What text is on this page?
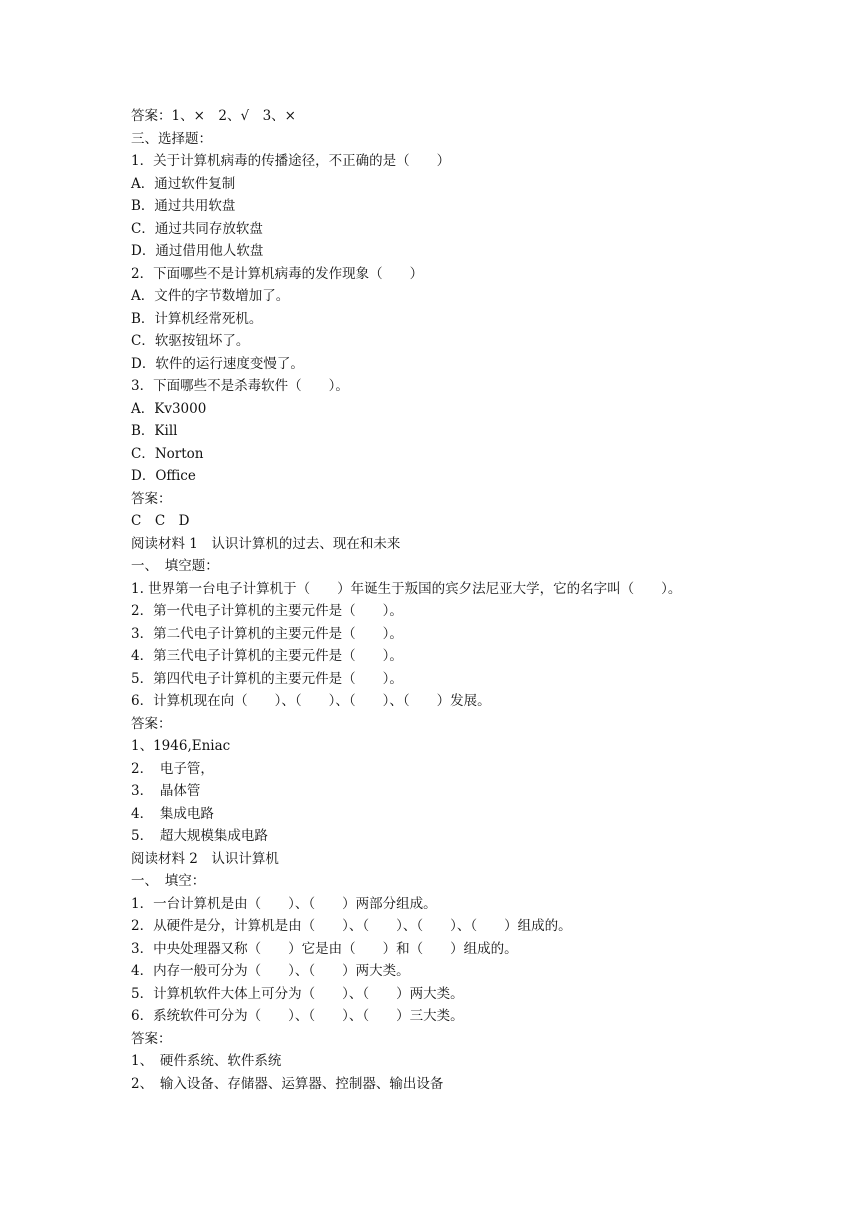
答案：1、×　2、√　3、×
三、选择题：
1．关于计算机病毒的传播途径，不正确的是（　　）
A．通过软件复制
B．通过共用软盘
C．通过共同存放软盘
D．通过借用他人软盘
2．下面哪些不是计算机病毒的发作现象（　　）
A．文件的字节数增加了。
B．计算机经常死机。
C．软驱按钮坏了。
D．软件的运行速度变慢了。
3．下面哪些不是杀毒软件（　　）。
A．Kv3000
B．Kill
C．Norton
D．Office
答案：
C　C　D
阅读材料 1　认识计算机的过去、现在和未来
一、　填空题：
1. 世界第一台电子计算机于（　　）年诞生于叛国的宾夕法尼亚大学，它的名字叫（　　）。
2．第一代电子计算机的主要元件是（　　）。
3．第二代电子计算机的主要元件是（　　）。
4．第三代电子计算机的主要元件是（　　）。
5．第四代电子计算机的主要元件是（　　）。
6．计算机现在向（　　）、（　　）、（　　）、（　　）发展。
答案：
1、1946,Eniac
2．　电子管，
3．　晶体管
4．　集成电路
5．　超大规模集成电路
阅读材料 2　认识计算机
一、　填空：
1．一台计算机是由（　　）、（　　）两部分组成。
2．从硬件是分，计算机是由（　　）、（　　）、（　　）、（　　）组成的。
3．中央处理器又称（　　）它是由（　　）和（　　）组成的。
4．内存一般可分为（　　）、（　　）两大类。
5．计算机软件大体上可分为（　　）、（　　）两大类。
6．系统软件可分为（　　）、（　　）、（　　）三大类。
答案：
1、　硬件系统、软件系统
2、　输入设备、存储器、运算器、控制器、输出设备
